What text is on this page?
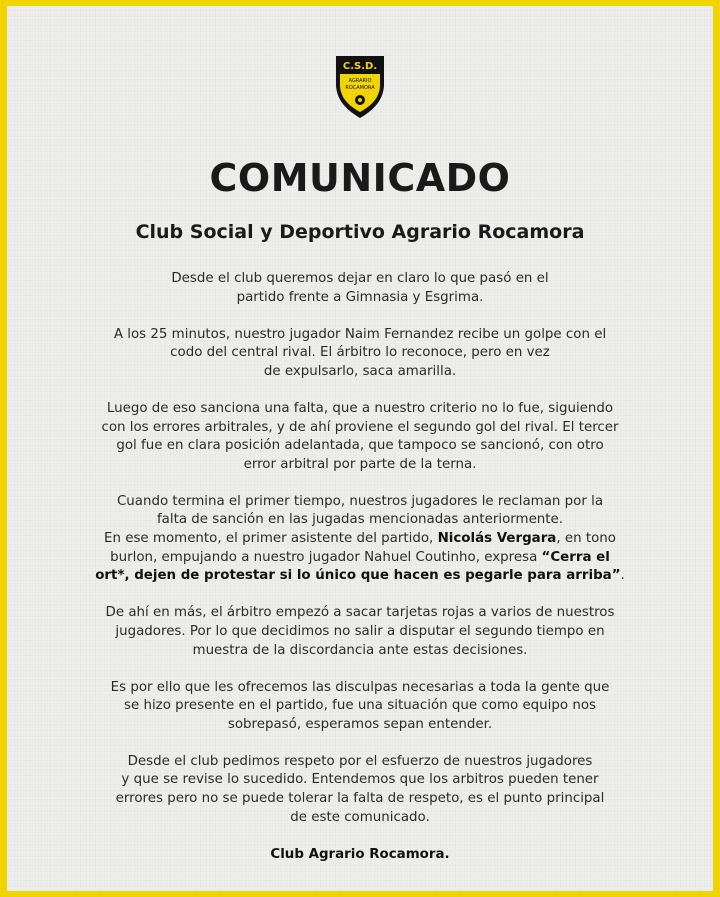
C.S.D.
AGRARIO
ROCAMORA
COMUNICADO
Club Social y Deportivo Agrario Rocamora

Desde el club queremos dejar en claro lo que pasó en el
partido frente a Gimnasia y Esgrima.

A los 25 minutos, nuestro jugador Naim Fernandez recibe un golpe con el
codo del central rival. El árbitro lo reconoce, pero en vez
de expulsarlo, saca amarilla.

Luego de eso sanciona una falta, que a nuestro criterio no lo fue, siguiendo
con los errores arbitrales, y de ahí proviene el segundo gol del rival. El tercer
gol fue en clara posición adelantada, que tampoco se sancionó, con otro
error arbitral por parte de la terna.

Cuando termina el primer tiempo, nuestros jugadores le reclaman por la
falta de sanción en las jugadas mencionadas anteriormente.
En ese momento, el primer asistente del partido, Nicolás Vergara, en tono
burlon, empujando a nuestro jugador Nahuel Coutinho, expresa “Cerra el
ort*, dejen de protestar si lo único que hacen es pegarle para arriba”.

De ahí en más, el árbitro empezó a sacar tarjetas rojas a varios de nuestros
jugadores. Por lo que decidimos no salir a disputar el segundo tiempo en
muestra de la discordancia ante estas decisiones.

Es por ello que les ofrecemos las disculpas necesarias a toda la gente que
se hizo presente en el partido, fue una situación que como equipo nos
sobrepasó, esperamos sepan entender.

Desde el club pedimos respeto por el esfuerzo de nuestros jugadores
y que se revise lo sucedido. Entendemos que los arbitros pueden tener
errores pero no se puede tolerar la falta de respeto, es el punto principal
de este comunicado.

Club Agrario Rocamora.
